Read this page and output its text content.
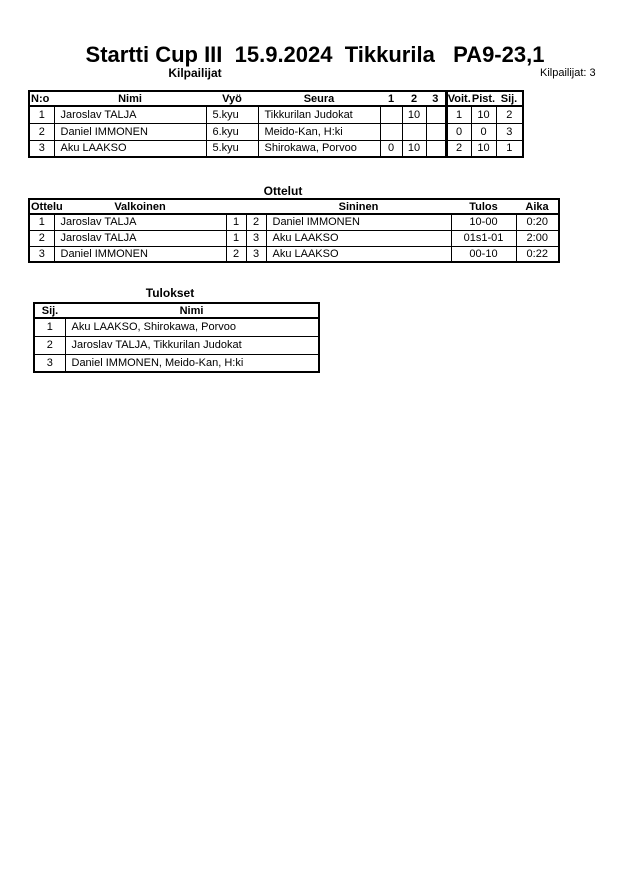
Startti Cup III  15.9.2024  Tikkurila   PA9-23,1
Kilpailijat	Kilpailijat: 3
N:o	Nimi	Vyö	Seura	1	2	3	Voit.	Pist.	Sij.
1	Jaroslav TALJA	5.kyu	Tikkurilan Judokat		10		1	10	2
2	Daniel IMMONEN	6.kyu	Meido-Kan, H:ki				0	0	3
3	Aku LAAKSO	5.kyu	Shirokawa, Porvoo	0	10		2	10	1
Ottelut
Ottelu	Valkoinen			Sininen	Tulos	Aika
1	Jaroslav TALJA	1	2	Daniel IMMONEN	10-00	0:20
2	Jaroslav TALJA	1	3	Aku LAAKSO	01s1-01	2:00
3	Daniel IMMONEN	2	3	Aku LAAKSO	00-10	0:22
Tulokset
Sij.	Nimi
1	Aku LAAKSO, Shirokawa, Porvoo
2	Jaroslav TALJA, Tikkurilan Judokat
3	Daniel IMMONEN, Meido-Kan, H:ki
